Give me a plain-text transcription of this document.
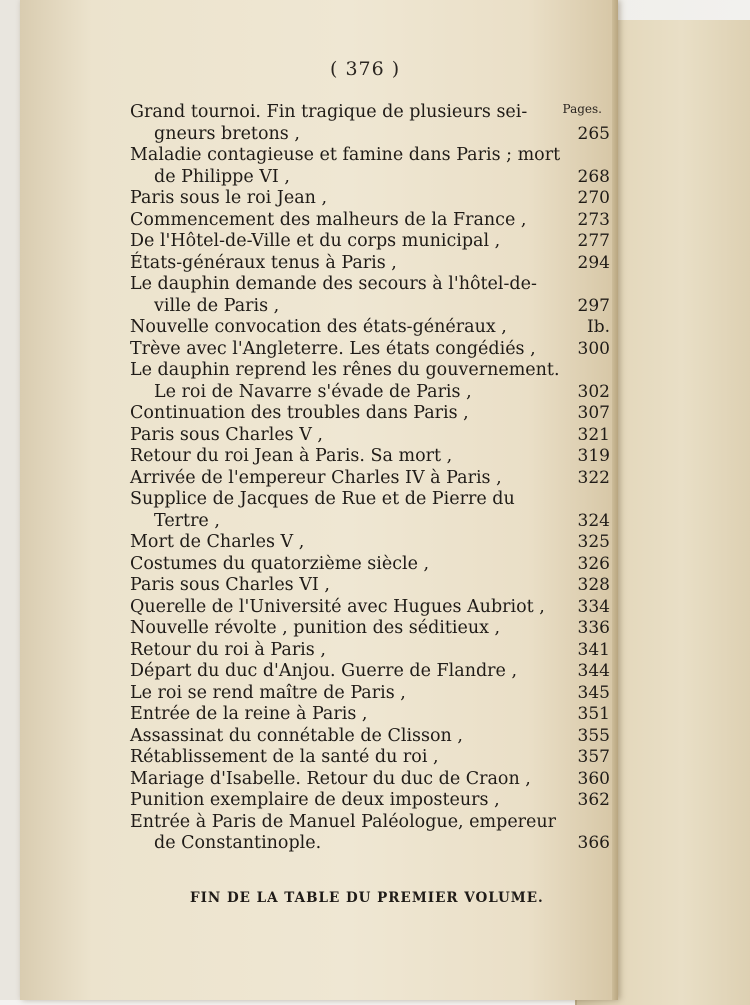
( 376 )
Pages.
Grand tournoi. Fin tragique de plusieurs sei-
gneurs bretons ,	265
Maladie contagieuse et famine dans Paris ; mort
de Philippe VI ,	268
Paris sous le roi Jean ,	270
Commencement des malheurs de la France ,	273
De l'Hôtel-de-Ville et du corps municipal ,	277
États-généraux tenus à Paris ,	294
Le dauphin demande des secours à l'hôtel-de-
ville de Paris ,	297
Nouvelle convocation des états-généraux ,	Ib.
Trève avec l'Angleterre. Les états congédiés , 300
Le dauphin reprend les rênes du gouvernement.
Le roi de Navarre s'évade de Paris ,	302
Continuation des troubles dans Paris ,	307
Paris sous Charles V ,	321
Retour du roi Jean à Paris. Sa mort ,	319
Arrivée de l'empereur Charles IV à Paris ,	322
Supplice de Jacques de Rue et de Pierre du
Tertre ,	324
Mort de Charles V ,	325
Costumes du quatorzième siècle ,	326
Paris sous Charles VI ,	328
Querelle de l'Université avec Hugues Aubriot , 334
Nouvelle révolte , punition des séditieux ,	336
Retour du roi à Paris ,	341
Départ du duc d'Anjou. Guerre de Flandre ,	344
Le roi se rend maître de Paris ,	345
Entrée de la reine à Paris ,	351
Assassinat du connétable de Clisson ,	355
Rétablissement de la santé du roi ,	357
Mariage d'Isabelle. Retour du duc de Craon ,	360
Punition exemplaire de deux imposteurs ,	362
Entrée à Paris de Manuel Paléologue, empereur
de Constantinople.	366
FIN DE LA TABLE DU PREMIER VOLUME.
